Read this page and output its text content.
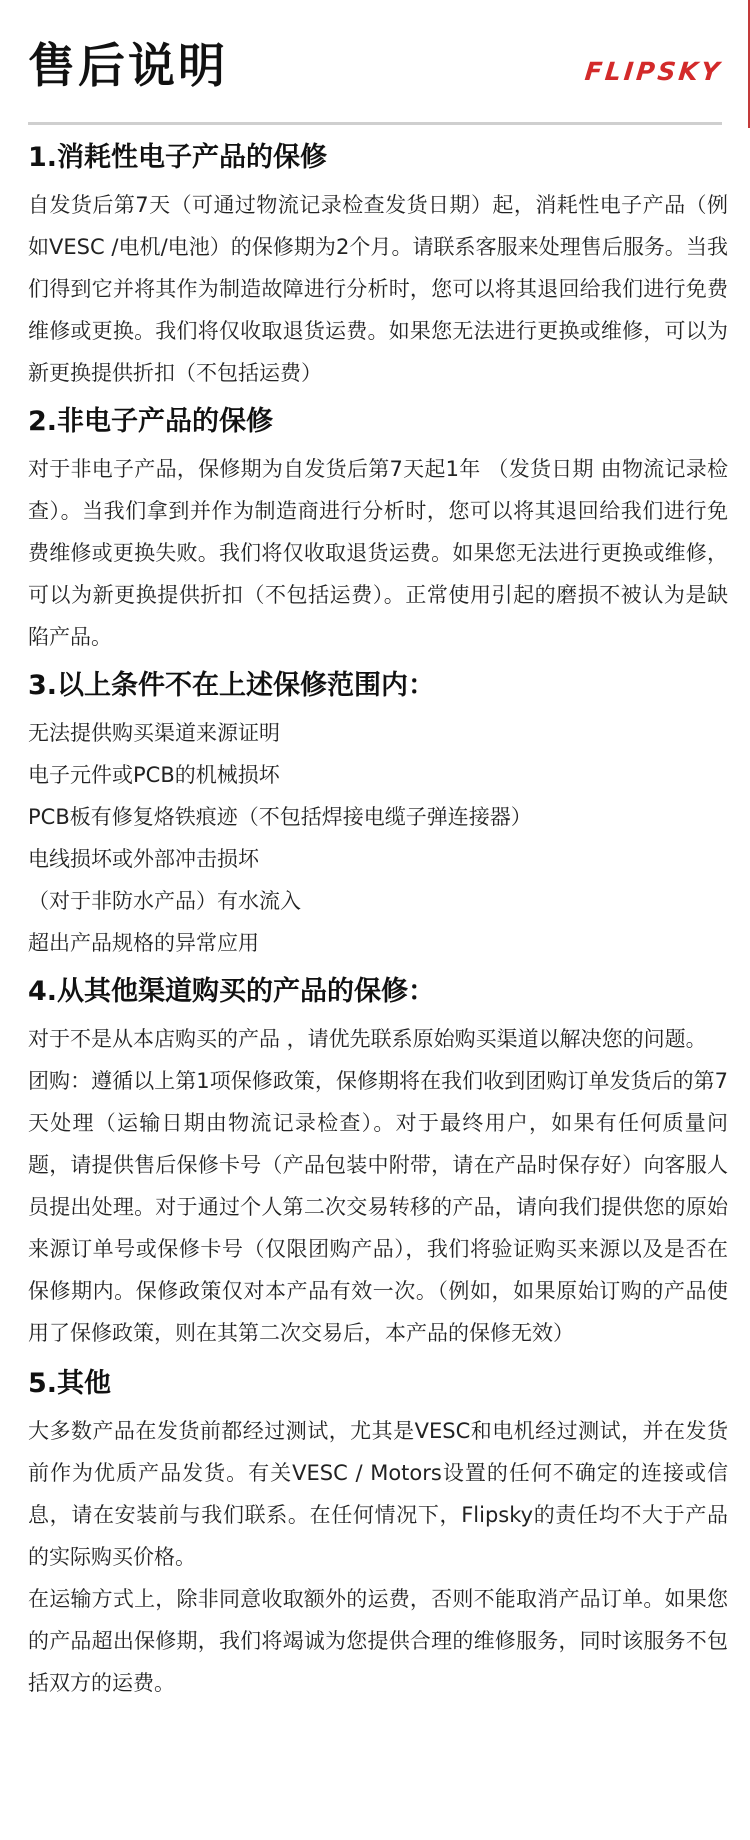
售后说明	FLIPSKY
1.消耗性电子产品的保修

自发货后第7天（可通过物流记录检查发货日期）起，消耗性电子产品（例如VESC /电机/电池）的保修期为2个月。请联系客服来处理售后服务。当我们得到它并将其作为制造故障进行分析时，您可以将其退回给我们进行免费维修或更换。我们将仅收取退货运费。如果您无法进行更换或维修，可以为新更换提供折扣（不包括运费）

2.非电子产品的保修

对于非电子产品，保修期为自发货后第7天起1年 （发货日期 由物流记录检查）。当我们拿到并作为制造商进行分析时，您可以将其退回给我们进行免费维修或更换失败。我们将仅收取退货运费。如果您无法进行更换或维修，可以为新更换提供折扣（不包括运费）。正常使用引起的磨损不被认为是缺陷产品。

3.以上条件不在上述保修范围内：
无法提供购买渠道来源证明
电子元件或PCB的机械损坏
PCB板有修复烙铁痕迹（不包括焊接电缆子弹连接器）
电线损坏或外部冲击损坏
（对于非防水产品）有水流入
超出产品规格的异常应用
4.从其他渠道购买的产品的保修：

对于不是从本店购买的产品 ，请优先联系原始购买渠道以解决您的问题。

团购：遵循以上第1项保修政策，保修期将在我们收到团购订单发货后的第7天处理（运输日期由物流记录检查）。对于最终用户，如果有任何质量问题，请提供售后保修卡号（产品包装中附带，请在产品时保存好）向客服人员提出处理。对于通过个人第二次交易转移的产品，请向我们提供您的原始来源订单号或保修卡号（仅限团购产品），我们将验证购买来源以及是否在保修期内。保修政策仅对本产品有效一次。（例如，如果原始订购的产品使用了保修政策，则在其第二次交易后，本产品的保修无效）

5.其他

大多数产品在发货前都经过测试，尤其是VESC和电机经过测试，并在发货前作为优质产品发货。有关VESC / Motors设置的任何不确定的连接或信息，请在安装前与我们联系。在任何情况下，Flipsky的责任均不大于产品的实际购买价格。

在运输方式上，除非同意收取额外的运费，否则不能取消产品订单。如果您的产品超出保修期，我们将竭诚为您提供合理的维修服务，同时该服务不包括双方的运费。
